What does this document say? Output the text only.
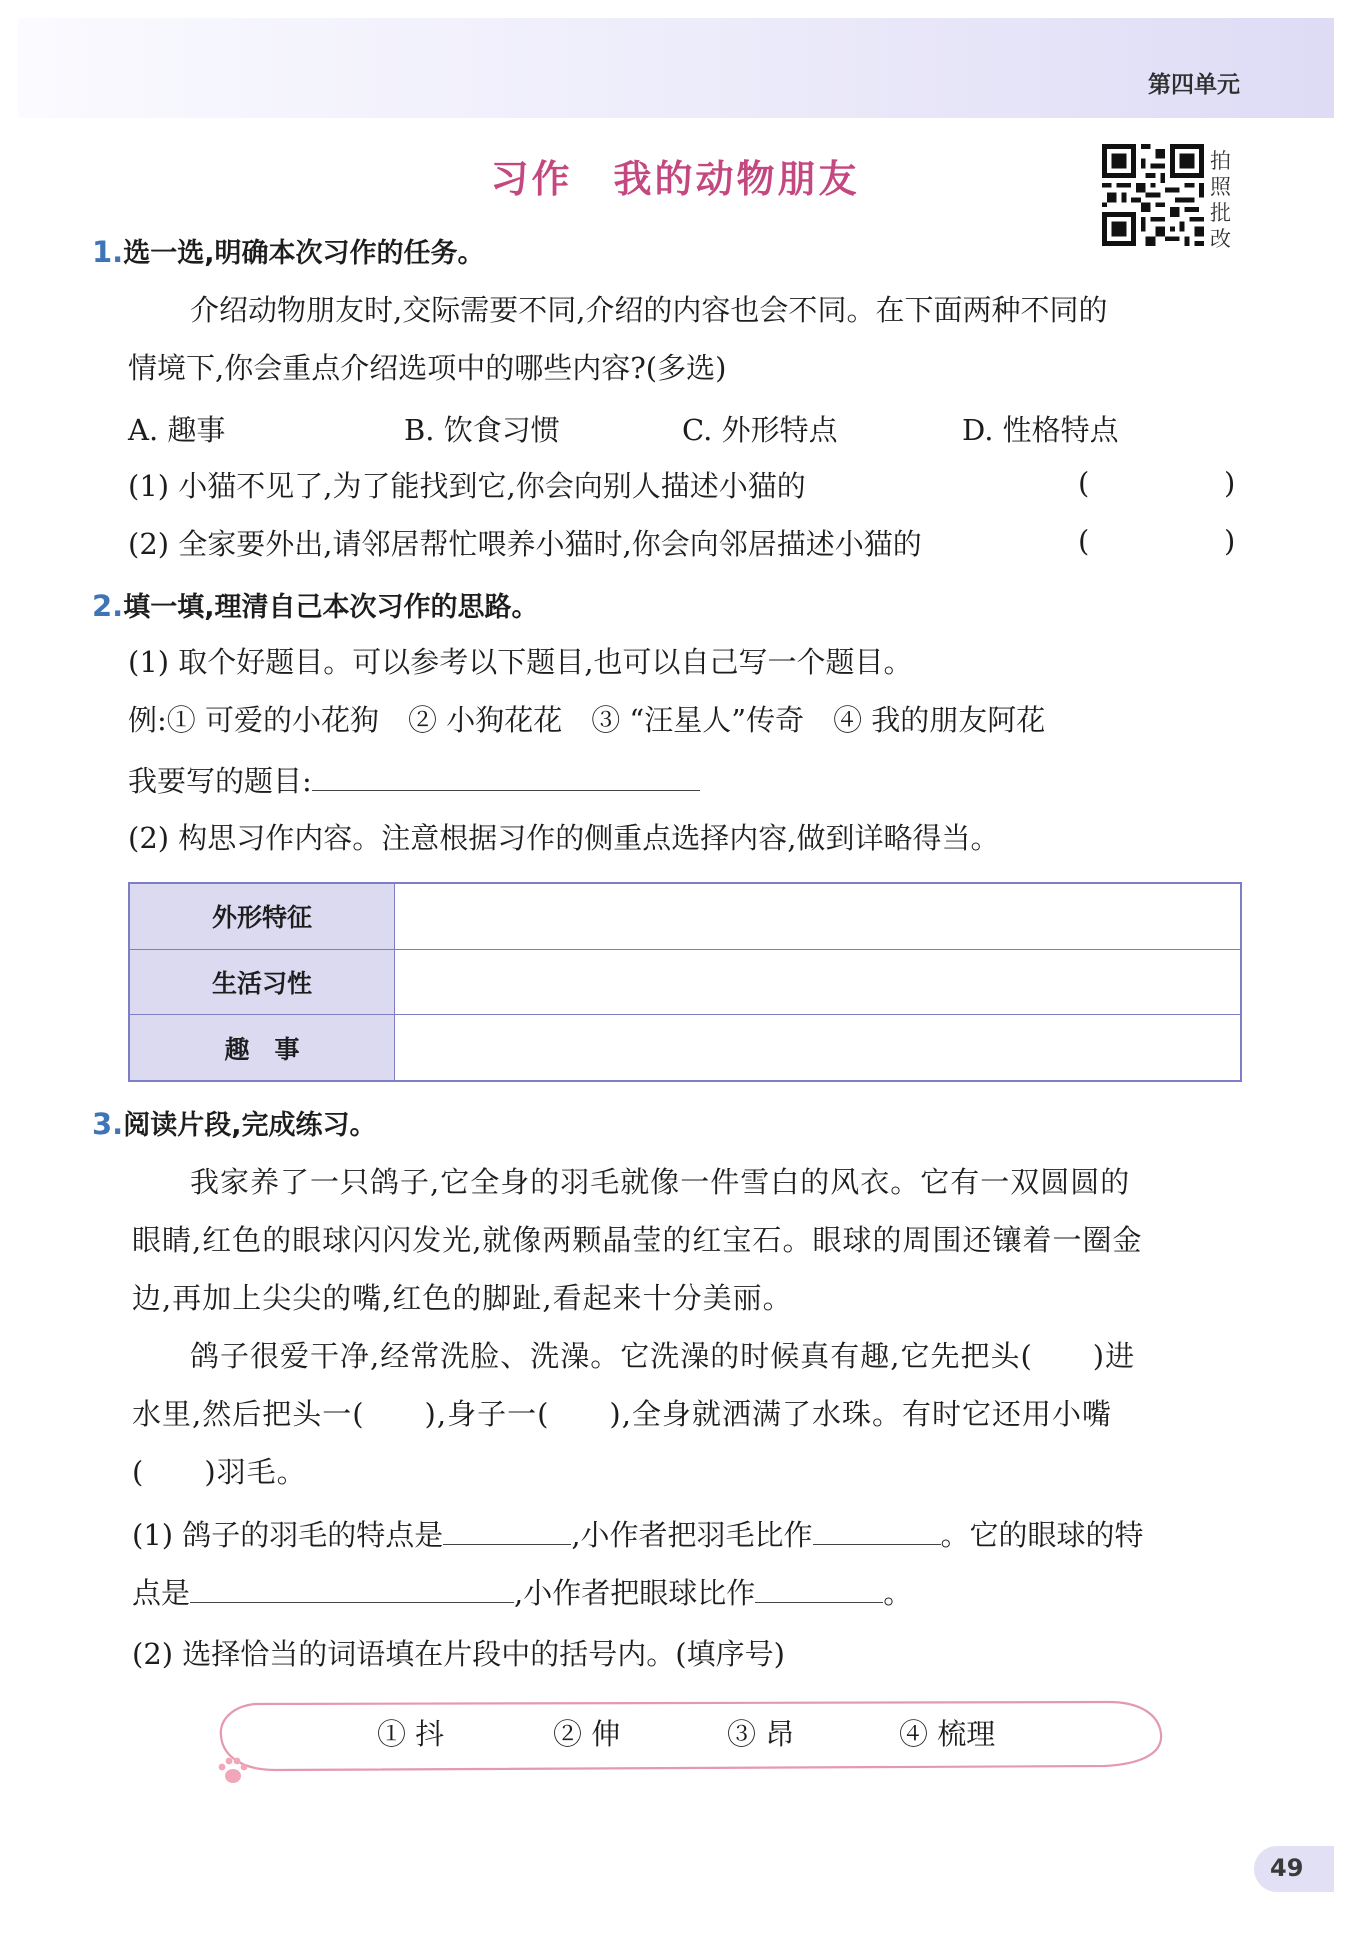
第四单元
习作　我的动物朋友	拍
照
批
改
1.选一选,明确本次习作的任务。
介绍动物朋友时,交际需要不同,介绍的内容也会不同。在下面两种不同的
情境下,你会重点介绍选项中的哪些内容?(多选)
A. 趣事	B. 饮食习惯	C. 外形特点	D. 性格特点
(1) 小猫不见了,为了能找到它,你会向别人描述小猫的	(	)
(2) 全家要外出,请邻居帮忙喂养小猫时,你会向邻居描述小猫的	(	)
2.填一填,理清自己本次习作的思路。
(1) 取个好题目。可以参考以下题目,也可以自己写一个题目。
例:① 可爱的小花狗　② 小狗花花　③ “汪星人”传奇　④ 我的朋友阿花
我要写的题目:
(2) 构思习作内容。注意根据习作的侧重点选择内容,做到详略得当。
外形特征	
生活习性	
趣　事	
3.阅读片段,完成练习。
我家养了一只鸽子,它全身的羽毛就像一件雪白的风衣。它有一双圆圆的
眼睛,红色的眼球闪闪发光,就像两颗晶莹的红宝石。眼球的周围还镶着一圈金
边,再加上尖尖的嘴,红色的脚趾,看起来十分美丽。
鸽子很爱干净,经常洗脸、洗澡。它洗澡的时候真有趣,它先把头( )进
水里,然后把头一( ),身子一( ),全身就洒满了水珠。有时它还用小嘴
( )羽毛。
(1) 鸽子的羽毛的特点是	,小作者把羽毛比作	。它的眼球的特
点是	,小作者把眼球比作	。
(2) 选择恰当的词语填在片段中的括号内。(填序号)
① 抖	② 伸	③ 昂	④ 梳理
49
